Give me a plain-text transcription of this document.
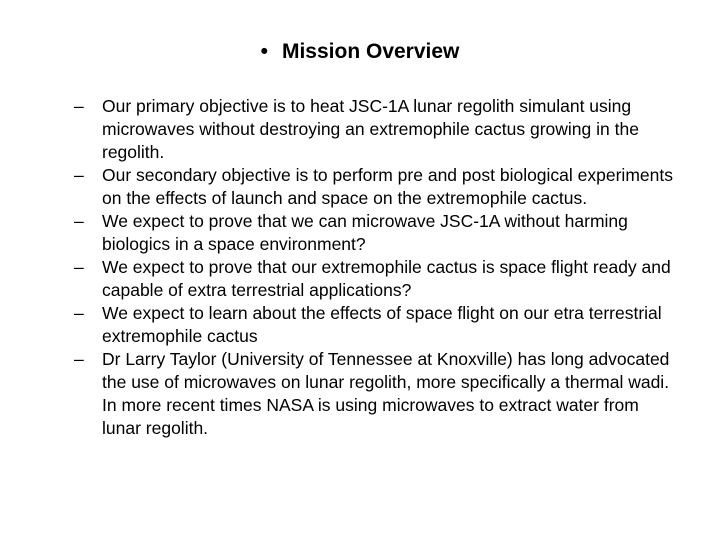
• Mission Overview
– Our primary objective is to heat JSC-1A lunar regolith simulant using microwaves without destroying an extremophile cactus growing in the regolith.
– Our secondary objective is to perform pre and post biological experiments on the effects of launch and space on the extremophile cactus.
– We expect to prove that we can microwave JSC-1A without harming biologics in a space environment?
– We expect to prove that our extremophile cactus is space flight ready and capable of extra terrestrial applications?
– We expect to learn about the effects of space flight on our etra terrestrial extremophile cactus
– Dr Larry Taylor (University of Tennessee at Knoxville) has long advocated the use of microwaves on lunar regolith, more specifically a thermal wadi. In more recent times NASA is using microwaves to extract water from lunar regolith.
